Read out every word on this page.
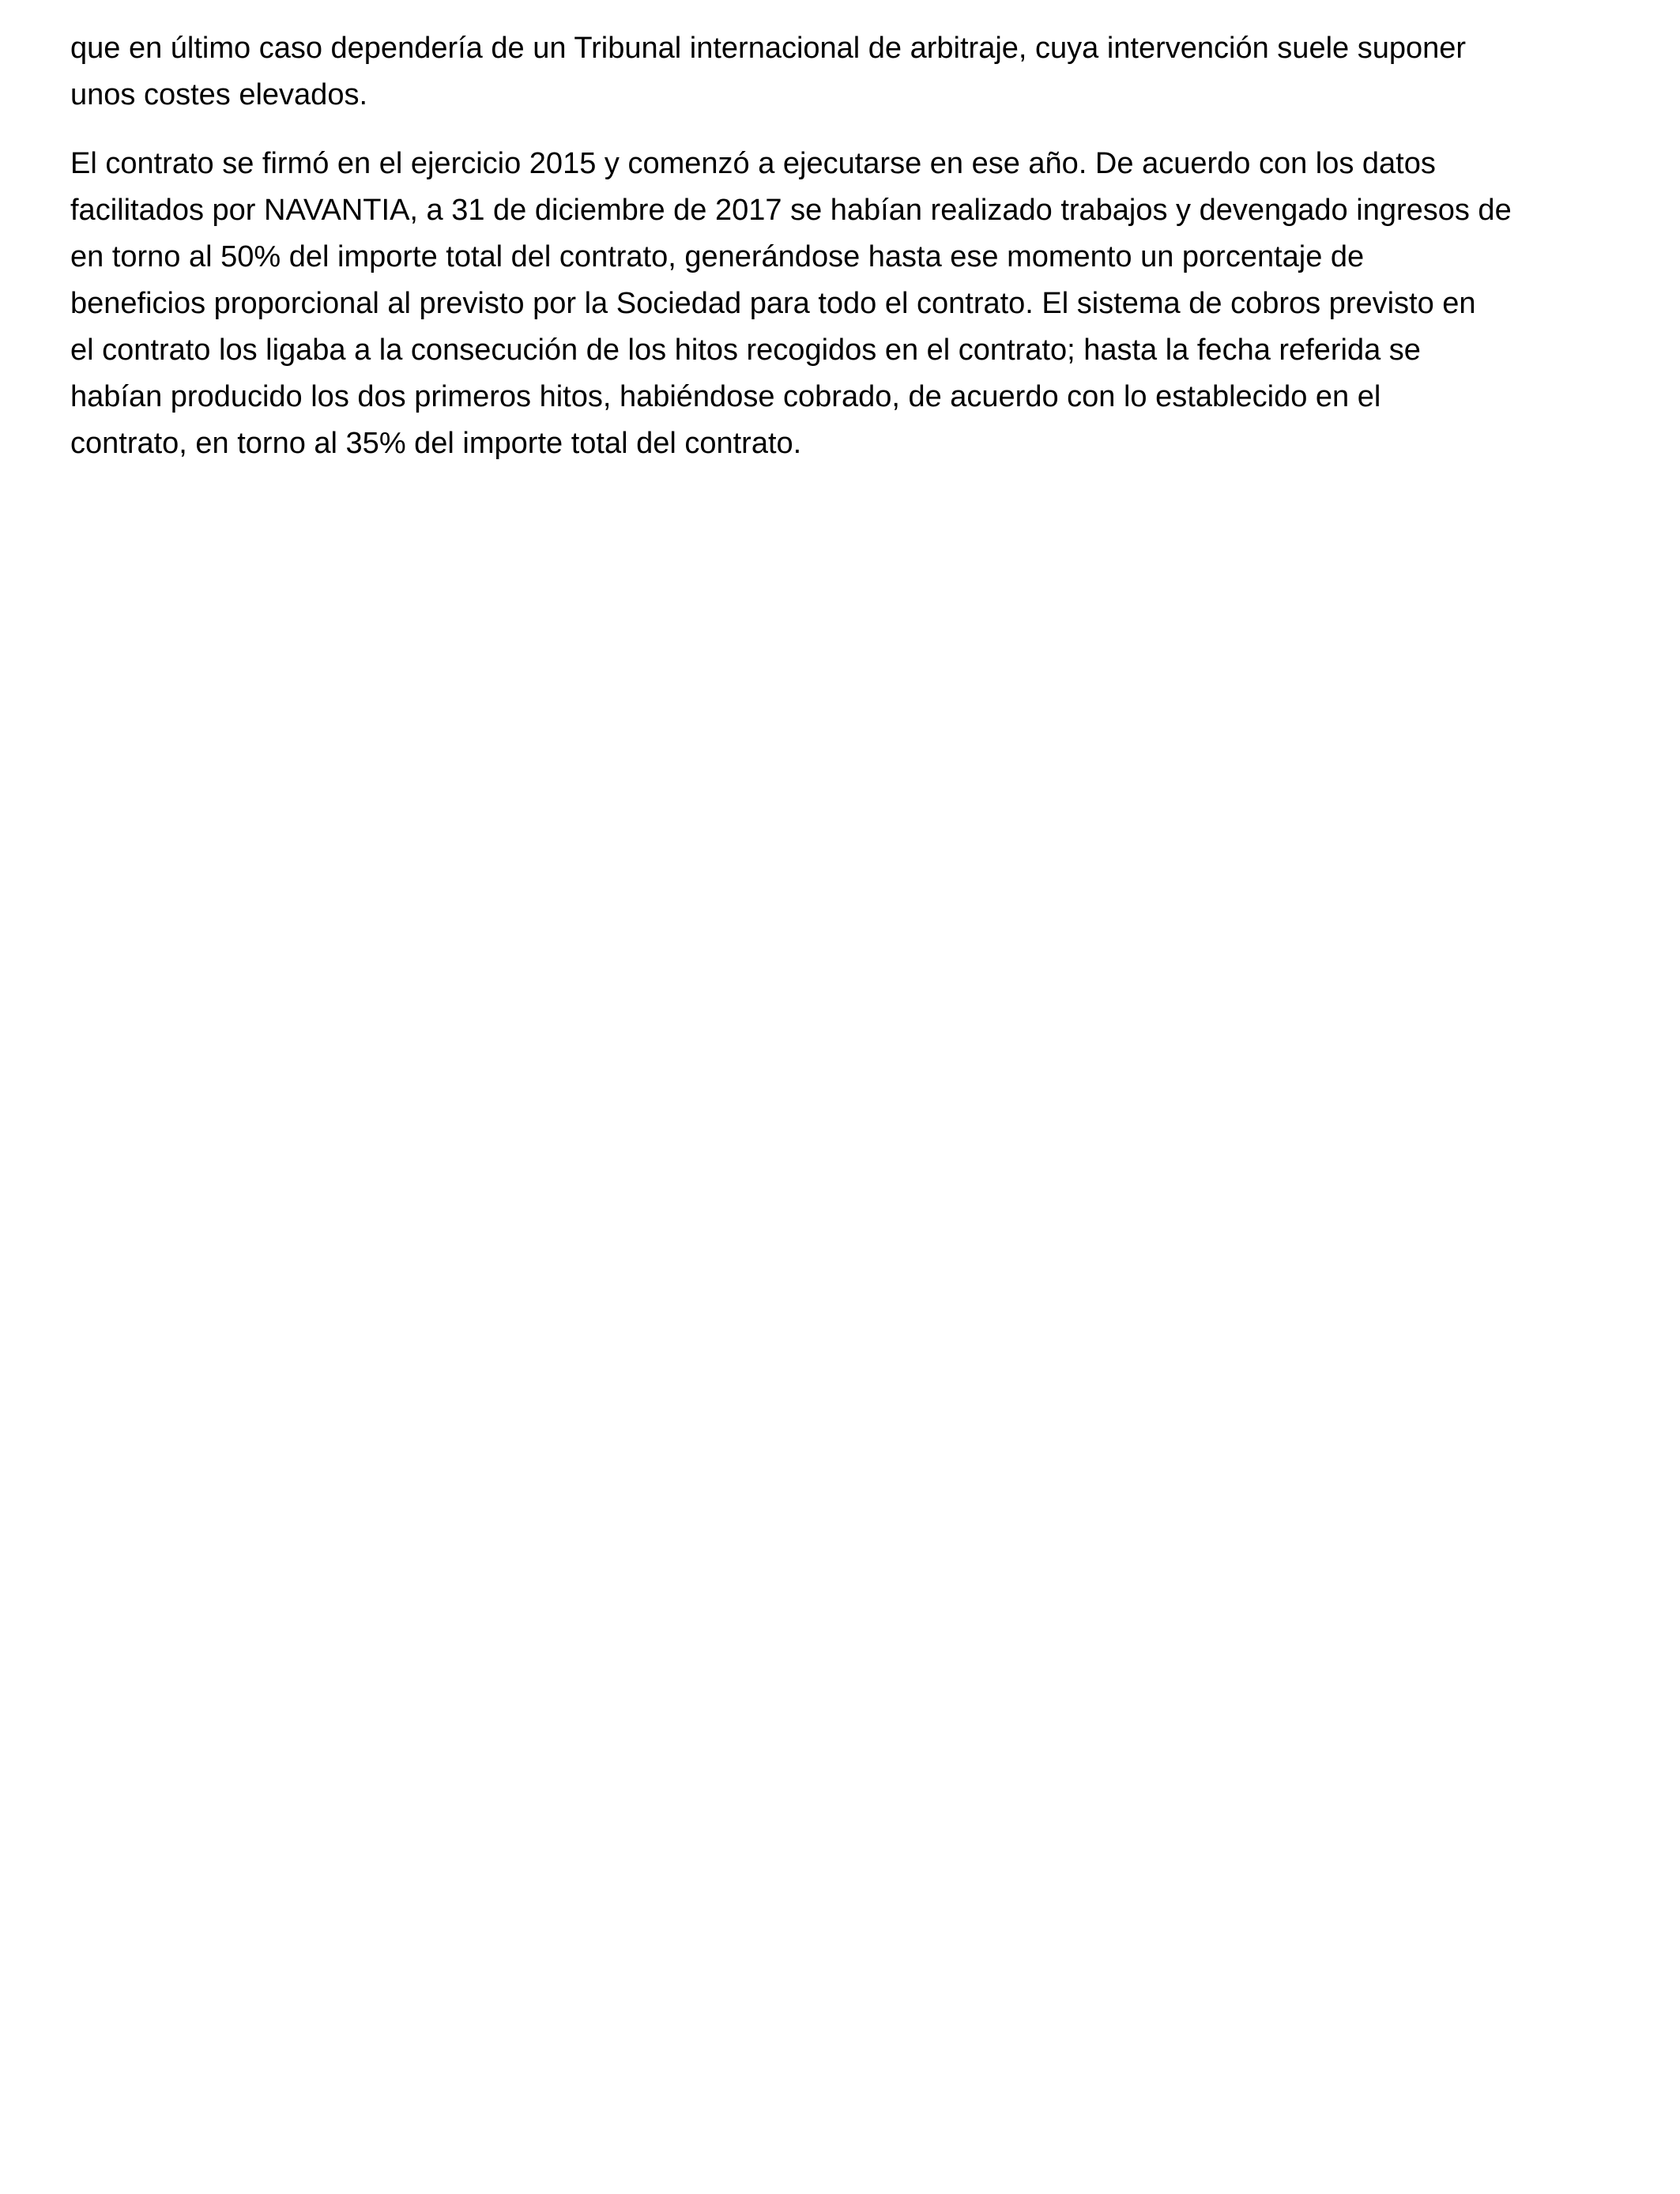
que en último caso dependería de un Tribunal internacional de arbitraje, cuya intervención suele suponer
unos costes elevados.

El contrato se firmó en el ejercicio 2015 y comenzó a ejecutarse en ese año. De acuerdo con los datos
facilitados por NAVANTIA, a 31 de diciembre de 2017 se habían realizado trabajos y devengado ingresos de
en torno al 50% del importe total del contrato, generándose hasta ese momento un porcentaje de
beneficios proporcional al previsto por la Sociedad para todo el contrato. El sistema de cobros previsto en
el contrato los ligaba a la consecución de los hitos recogidos en el contrato; hasta la fecha referida se
habían producido los dos primeros hitos, habiéndose cobrado, de acuerdo con lo establecido en el
contrato, en torno al 35% del importe total del contrato.
